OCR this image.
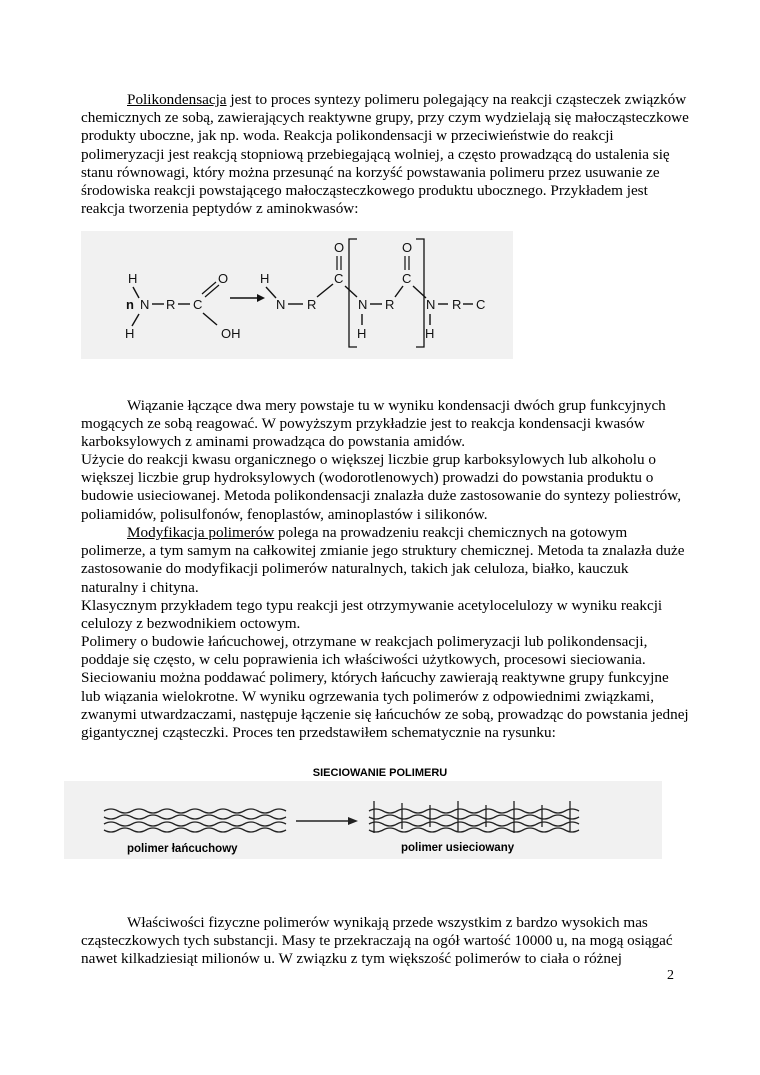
Polikondensacja jest to proces syntezy polimeru polegający na reakcji cząsteczek związków chemicznych ze sobą, zawierających reaktywne grupy, przy czym wydzielają się małocząsteczkowe produkty uboczne, jak np. woda. Reakcja polikondensacji w przeciwieństwie do reakcji polimeryzacji jest reakcją stopniową przebiegającą wolniej, a często prowadzącą do ustalenia się stanu równowagi, który można przesunąć na korzyść powstawania polimeru przez usuwanie ze środowiska reakcji powstającego małocząsteczkowego produktu ubocznego. Przykładem jest reakcja tworzenia peptydów z aminokwasów:

H
n N R C
H
O
OH
H
N R
C
O
N R
C
O
H
N R C
H

Wiązanie łączące dwa mery powstaje tu w wyniku kondensacji dwóch grup funkcyjnych mogących ze sobą reagować. W powyższym przykładzie jest to reakcja kondensacji kwasów karboksylowych z aminami prowadząca do powstania amidów.

Użycie do reakcji kwasu organicznego o większej liczbie grup karboksylowych lub alkoholu o większej liczbie grup hydroksylowych (wodorotlenowych) prowadzi do powstania produktu o budowie usieciowanej. Metoda polikondensacji znalazła duże zastosowanie do syntezy poliestrów, poliamidów, polisulfonów, fenoplastów, aminoplastów i silikonów.

Modyfikacja polimerów polega na prowadzeniu reakcji chemicznych na gotowym polimerze, a tym samym na całkowitej zmianie jego struktury chemicznej. Metoda ta znalazła duże zastosowanie do modyfikacji polimerów naturalnych, takich jak celuloza, białko, kauczuk naturalny i chityna.

Klasycznym przykładem tego typu reakcji jest otrzymywanie acetylocelulozy w wyniku reakcji celulozy z bezwodnikiem octowym.

Polimery o budowie łańcuchowej, otrzymane w reakcjach polimeryzacji lub polikondensacji, poddaje się często, w celu poprawienia ich właściwości użytkowych, procesowi sieciowania. Sieciowaniu można poddawać polimery, których łańcuchy zawierają reaktywne grupy funkcyjne lub wiązania wielokrotne. W wyniku ogrzewania tych polimerów z odpowiednimi związkami, zwanymi utwardzaczami, następuje łączenie się łańcuchów ze sobą, prowadząc do powstania jednej gigantycznej cząsteczki. Proces ten przedstawiłem schematycznie na rysunku:

SIECIOWANIE POLIMERU
polimer łańcuchowy	polimer usieciowany

Właściwości fizyczne polimerów wynikają przede wszystkim z bardzo wysokich mas cząsteczkowych tych substancji. Masy te przekraczają na ogół wartość 10000 u, na mogą osiągać nawet kilkadziesiąt milionów u. W związku z tym większość polimerów to ciała o różnej

2
